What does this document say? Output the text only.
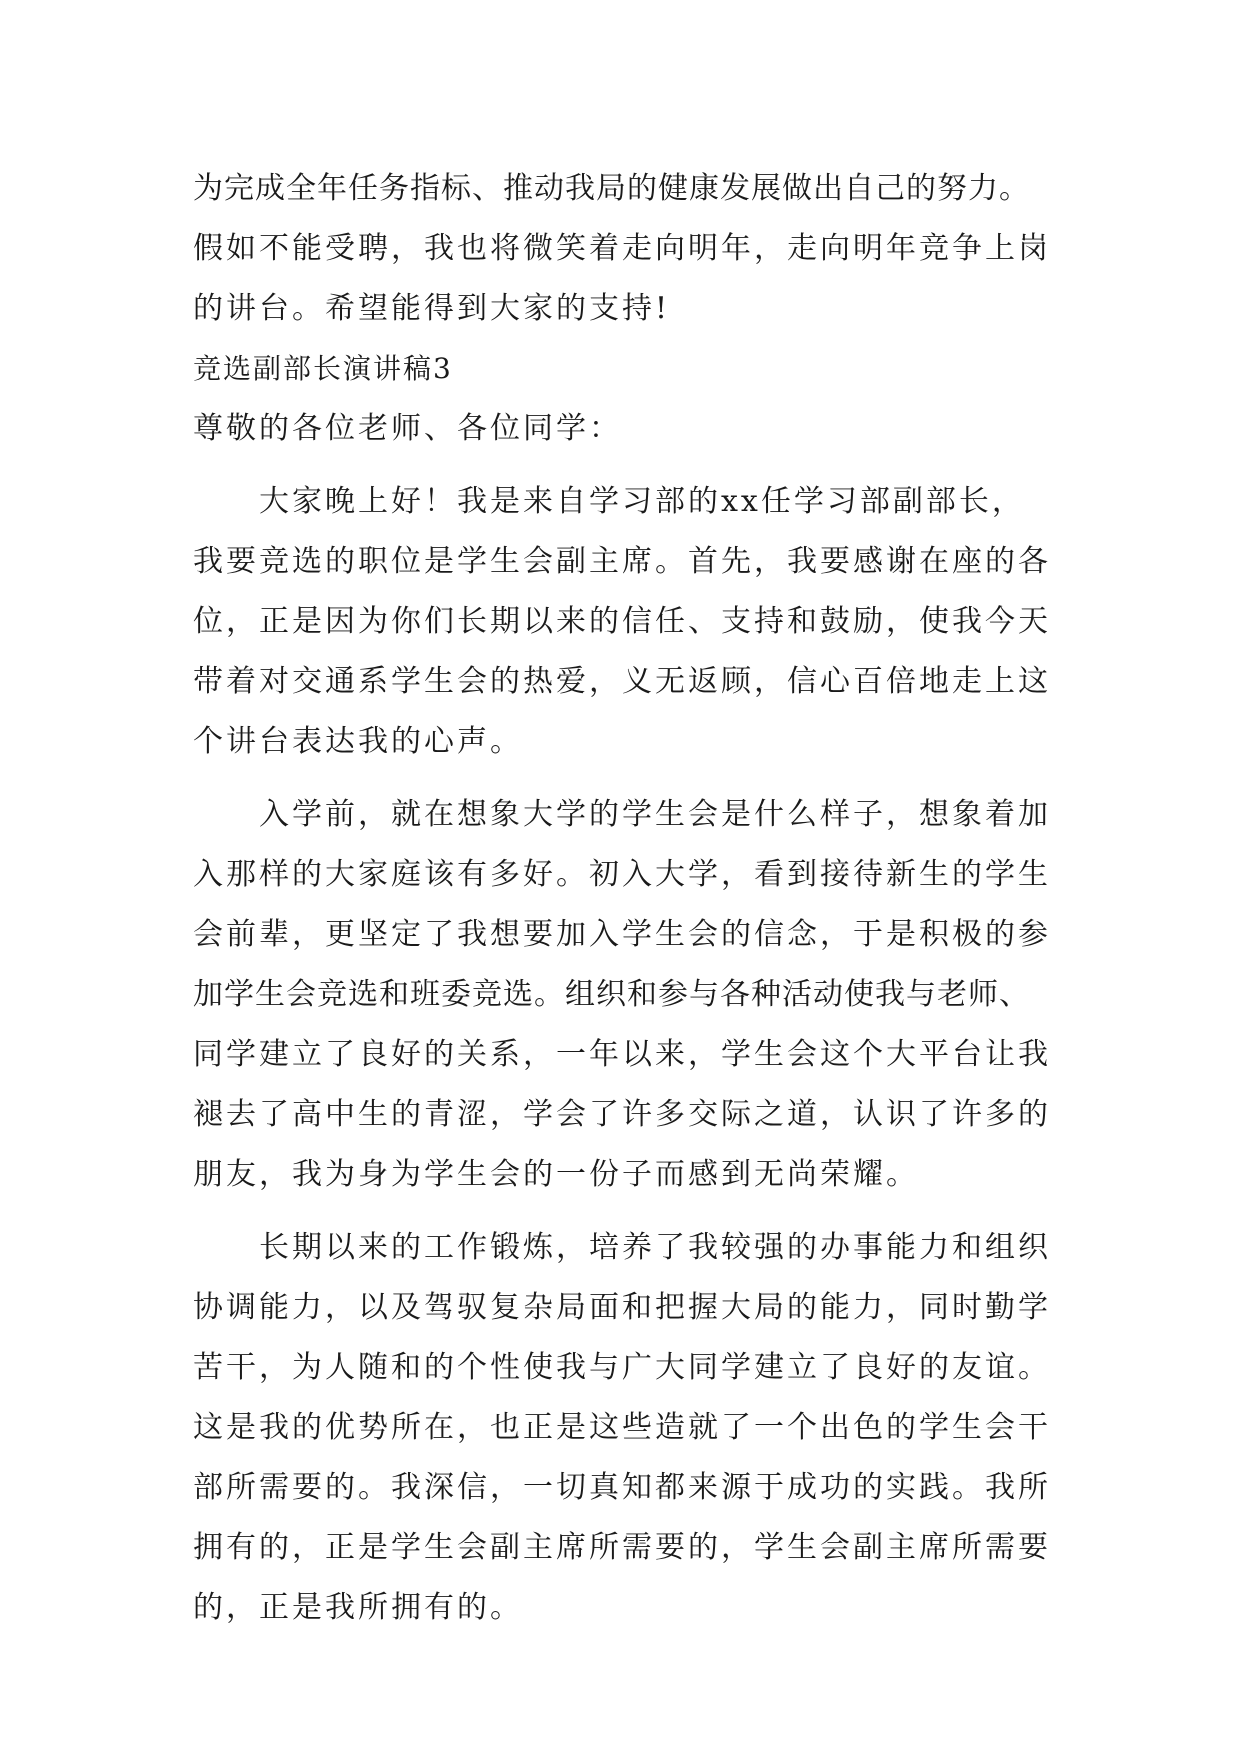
为完成全年任务指标、推动我局的健康发展做出自己的努力。
假如不能受聘，我也将微笑着走向明年，走向明年竞争上岗
的讲台。希望能得到大家的支持!
竞选副部长演讲稿3
尊敬的各位老师、各位同学：
大家晚上好！我是来自学习部的xx任学习部副部长，
我要竞选的职位是学生会副主席。首先，我要感谢在座的各
位，正是因为你们长期以来的信任、支持和鼓励，使我今天
带着对交通系学生会的热爱，义无返顾，信心百倍地走上这
个讲台表达我的心声。
入学前，就在想象大学的学生会是什么样子，想象着加
入那样的大家庭该有多好。初入大学，看到接待新生的学生
会前辈，更坚定了我想要加入学生会的信念，于是积极的参
加学生会竞选和班委竞选。组织和参与各种活动使我与老师、
同学建立了良好的关系，一年以来，学生会这个大平台让我
褪去了高中生的青涩，学会了许多交际之道，认识了许多的
朋友，我为身为学生会的一份子而感到无尚荣耀。
长期以来的工作锻炼，培养了我较强的办事能力和组织
协调能力，以及驾驭复杂局面和把握大局的能力，同时勤学
苦干，为人随和的个性使我与广大同学建立了良好的友谊。
这是我的优势所在，也正是这些造就了一个出色的学生会干
部所需要的。我深信，一切真知都来源于成功的实践。我所
拥有的，正是学生会副主席所需要的，学生会副主席所需要
的，正是我所拥有的。
